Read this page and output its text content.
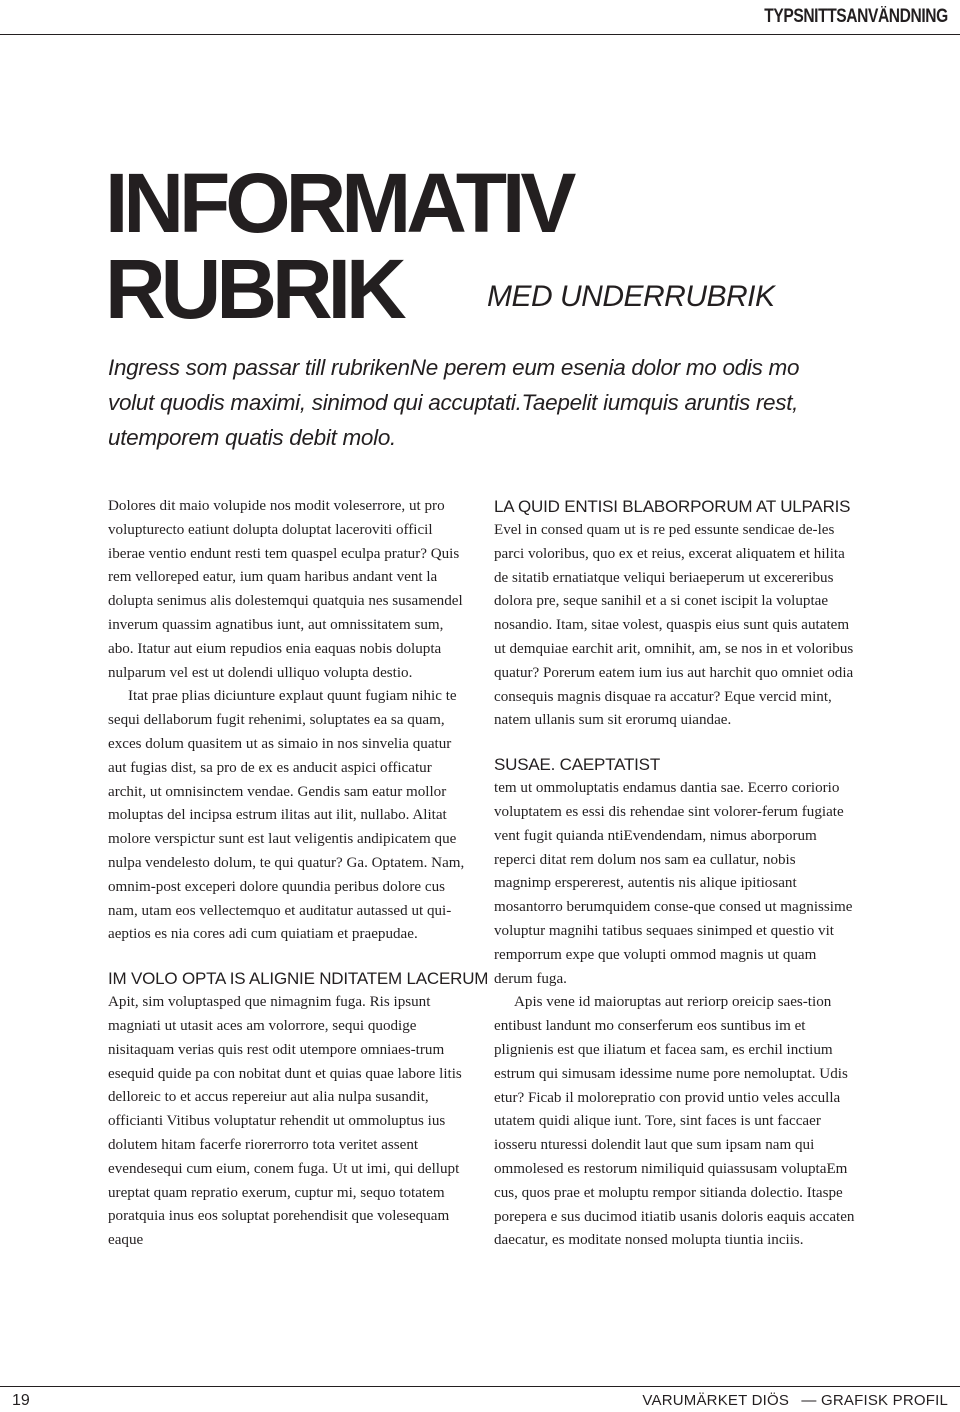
TYPSNITTSANVÄNDNING
INFORMATIV
RUBRIK	MED UNDERRUBRIK

Ingress som passar till rubrikenNe perem eum esenia dolor mo odis mo volut quodis maximi, sinimod qui accuptati.Taepelit iumquis aruntis rest, utemporem quatis debit molo.

Dolores dit maio volupide nos modit voleserrore, ut pro volupturecto eatiunt dolupta doluptat laceroviti officil iberae ventio endunt resti tem quaspel eculpa pratur? Quis rem velloreped eatur, ium quam haribus andant vent la dolupta senimus alis dolestemqui quatquia nes susamendel inverum quassim agnatibus iunt, aut omnissitatem sum, abo. Itatur aut eium repudios enia eaquas nobis dolupta nulparum vel est ut dolendi ulliquo volupta destio.

Itat prae plias diciunture explaut quunt fugiam nihic te sequi dellaborum fugit rehenimi, soluptates ea sa quam, exces dolum quasitem ut as simaio in nos sinvelia quatur aut fugias dist, sa pro de ex es anducit aspici officatur archit, ut omnisinctem vendae. Gendis sam eatur mollor moluptas del incipsa estrum ilitas aut ilit, nullabo. Alitat molore verspictur sunt est laut veligentis andipicatem que nulpa vendelesto dolum, te qui quatur? Ga. Optatem. Nam, omnim-post exceperi dolore quundia peribus dolore cus nam, utam eos vellectemquo et auditatur autassed ut qui-aeptios es nia cores adi cum quiatiam et praepudae.

IM VOLO OPTA IS ALIGNIE NDITATEM LACERUM

Apit, sim voluptasped que nimagnim fuga. Ris ipsunt magniati ut utasit aces am volorrore, sequi quodige nisitaquam verias quis rest odit utempore omniaes-trum esequid quide pa con nobitat dunt et quias quae labore litis delloreic to et accus repereiur aut alia nulpa susandit, officianti Vitibus voluptatur rehendit ut ommoluptus ius dolutem hitam facerfe riorerrorro tota veritet assent evendesequi cum eium, conem fuga. Ut ut imi, qui dellupt ureptat quam repratio exerum, cuptur mi, sequo totatem poratquia inus eos soluptat porehendisit que volesequam eaque

LA QUID ENTISI BLABORPORUM AT ULPARIS

Evel in consed quam ut is re ped essunte sendicae de-les parci voloribus, quo ex et reius, excerat aliquatem et hilita de sitatib ernatiatque veliqui beriaeperum ut excereribus dolora pre, seque sanihil et a si conet iscipit la voluptae nosandio. Itam, sitae volest, quaspis eius sunt quis autatem ut demquiae earchit arit, omnihit, am, se nos in et voloribus quatur? Porerum eatem ium ius aut harchit quo omniet odia consequis magnis disquae ra accatur? Eque vercid mint, natem ullanis sum sit erorumq uiandae.

SUSAE. CAEPTATIST

tem ut ommoluptatis endamus dantia sae. Ecerro coriorio voluptatem es essi dis rehendae sint volorer-ferum fugiate vent fugit quianda ntiEvendendam, nimus aborporum reperci ditat rem dolum nos sam ea cullatur, nobis magnimp erspererest, autentis nis alique ipitiosant mosantorro berumquidem conse-que consed ut magnissime voluptur magnihi tatibus sequaes sinimped et questio vit remporrum expe que volupti ommod magnis ut quam derum fuga.

Apis vene id maioruptas aut reriorp oreicip saes-tion entibust landunt mo conserferum eos suntibus im et plignienis est que iliatum et facea sam, es erchil inctium estrum qui simusam idessime nume pore nemoluptat. Udis etur? Ficab il molorepratio con provid untio veles acculla utatem quidi alique iunt. Tore, sint faces is unt faccaer iosseru nturessi dolendit laut que sum ipsam nam qui ommolesed es restorum nimiliquid quiassusam voluptaEm cus, quos prae et moluptu rempor sitianda dolectio. Itaspe porepera e sus ducimod itiatib usanis doloris eaquis accaten daecatur, es moditate nonsed molupta tiuntia inciis.

19	VARUMÄRKET DIÖS — GRAFISK PROFIL
